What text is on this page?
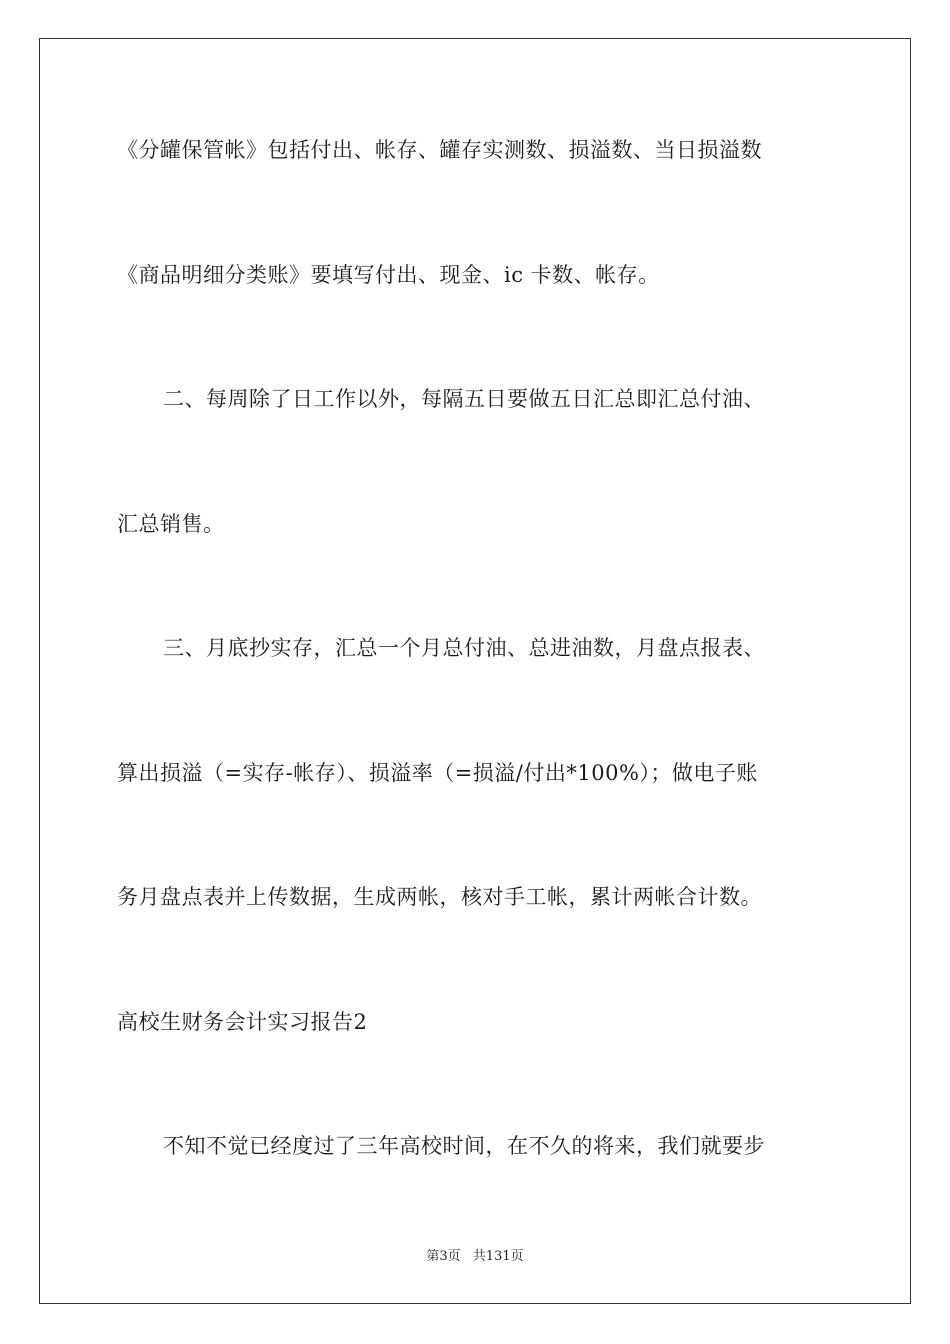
《分罐保管帐》包括付出、帐存、罐存实测数、损溢数、当日损溢数
《商品明细分类账》要填写付出、现金、ic 卡数、帐存。
二、每周除了日工作以外，每隔五日要做五日汇总即汇总付油、
汇总销售。
三、月底抄实存，汇总一个月总付油、总进油数，月盘点报表、
算出损溢（=实存-帐存）、损溢率（=损溢/付出*100%）；做电子账
务月盘点表并上传数据，生成两帐，核对手工帐，累计两帐合计数。
高校生财务会计实习报告2
不知不觉已经度过了三年高校时间，在不久的将来，我们就要步
第3页 共131页
